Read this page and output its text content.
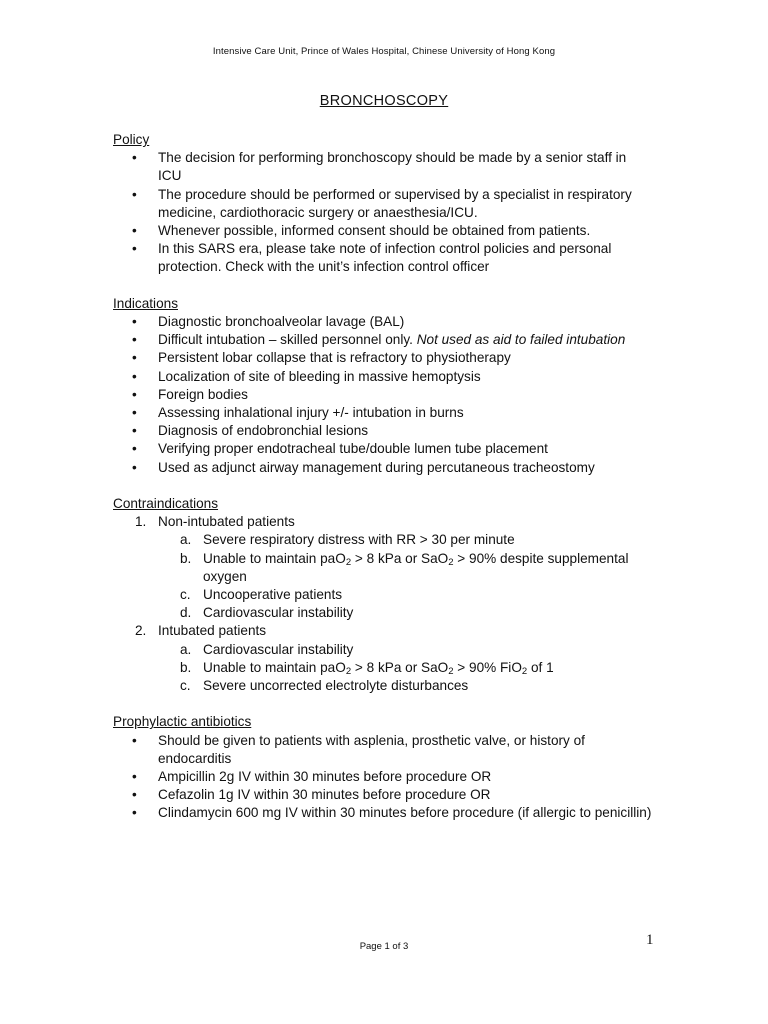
Intensive Care Unit, Prince of Wales Hospital, Chinese University of Hong Kong
BRONCHOSCOPY
Policy
• The decision for performing bronchoscopy should be made by a senior staff in ICU
• The procedure should be performed or supervised by a specialist in respiratory medicine, cardiothoracic surgery or anaesthesia/ICU.
• Whenever possible, informed consent should be obtained from patients.
• In this SARS era, please take note of infection control policies and personal protection. Check with the unit’s infection control officer
Indications
• Diagnostic bronchoalveolar lavage (BAL)
• Difficult intubation – skilled personnel only. Not used as aid to failed intubation
• Persistent lobar collapse that is refractory to physiotherapy
• Localization of site of bleeding in massive hemoptysis
• Foreign bodies
• Assessing inhalational injury +/- intubation in burns
• Diagnosis of endobronchial lesions
• Verifying proper endotracheal tube/double lumen tube placement
• Used as adjunct airway management during percutaneous tracheostomy
Contraindications
1. Non-intubated patients
a. Severe respiratory distress with RR > 30 per minute
b. Unable to maintain paO$_2$ > 8 kPa or SaO$_2$ > 90% despite supplemental oxygen
c. Uncooperative patients
d. Cardiovascular instability
2. Intubated patients
a. Cardiovascular instability
b. Unable to maintain paO$_2$ > 8 kPa or SaO$_2$ > 90% FiO$_2$ of 1
c. Severe uncorrected electrolyte disturbances
Prophylactic antibiotics
• Should be given to patients with asplenia, prosthetic valve, or history of endocarditis
• Ampicillin 2g IV within 30 minutes before procedure OR
• Cefazolin 1g IV within 30 minutes before procedure OR
• Clindamycin 600 mg IV within 30 minutes before procedure (if allergic to penicillin)
1
Page 1 of 3
